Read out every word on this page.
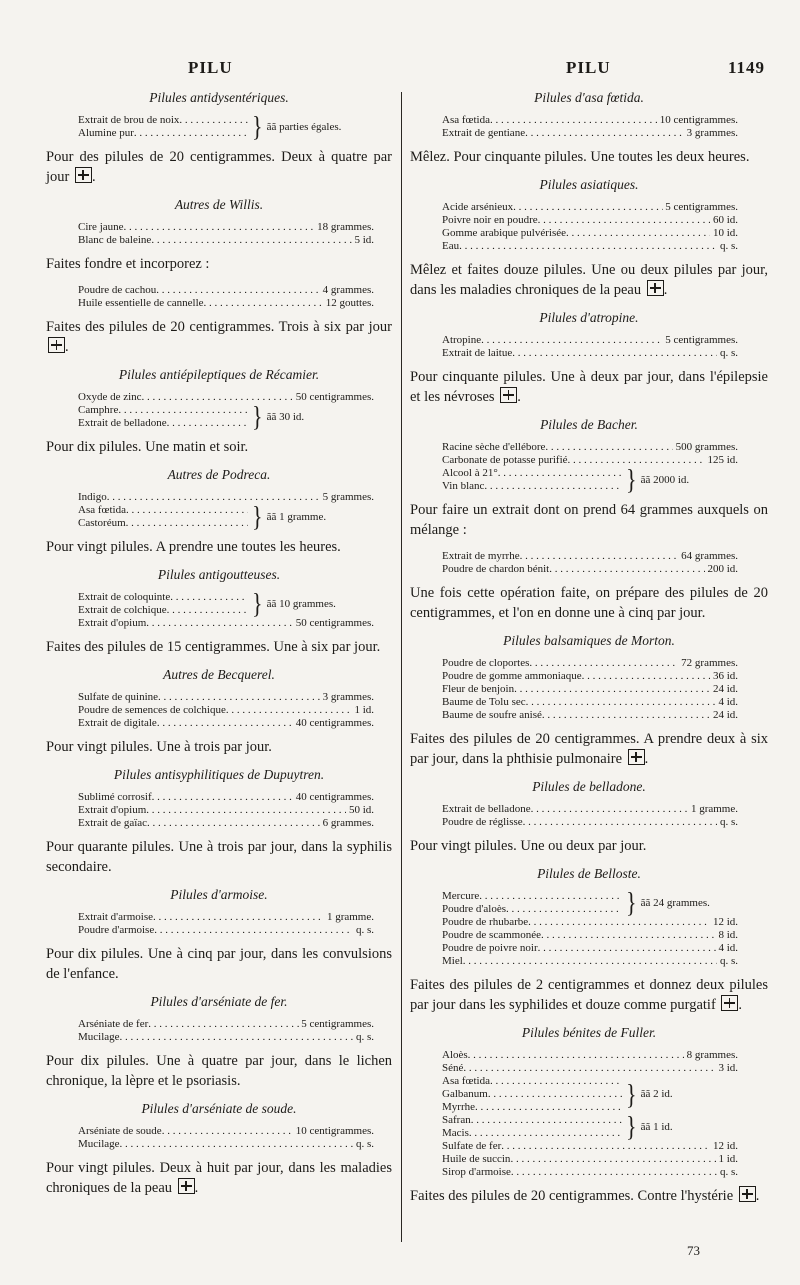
PILU	PILU	1149
Pilules antidysentériques.
Extrait de brou de noix
. . .
Alumine pur . . .	} ãã parties égales.
Pour des pilules de 20 centigrammes. Deux à quatre par jour .
Autres de Willis.
Cire jaune . . .	18 grammes.
Blanc de baleine . . .	5 id.
Faites fondre et incorporez :
Poudre de cachou . . .	4 grammes.
Huile essentielle de cannelle . . .	12 gouttes.
Faites des pilules de 20 centigrammes. Trois à six par jour .
Pilules antiépileptiques de Récamier.
Oxyde de zinc . . .	50 centigrammes.
Camphre
. . .
Extrait de belladone . . .	} ãã 30 id.
Pour dix pilules. Une matin et soir.
Autres de Podreca.
Indigo . . .	5 grammes.
Asa fœtida
. . .
Castoréum . . .	} ãã 1 gramme.
Pour vingt pilules. A prendre une toutes les heures.
Pilules antigoutteuses.
Extrait de coloquinte
. . .
Extrait de colchique . . .	} ãã 10 grammes.
Extrait d'opium . . .	50 centigrammes.
Faites des pilules de 15 centigrammes. Une à six par jour.
Autres de Becquerel.
Sulfate de quinine . . .	3 grammes.
Poudre de semences de colchique . . .	1 id.
Extrait de digitale . . .	40 centigrammes.
Pour vingt pilules. Une à trois par jour.
Pilules antisyphilitiques de Dupuytren.
Sublimé corrosif . . .	40 centigrammes.
Extrait d'opium . . .	50 id.
Extrait de gaïac . . .	6 grammes.
Pour quarante pilules. Une à trois par jour, dans la syphilis secondaire.
Pilules d'armoise.
Extrait d'armoise . . .	1 gramme.
Poudre d'armoise . . .	q. s.
Pour dix pilules. Une à cinq par jour, dans les convulsions de l'enfance.
Pilules d'arséniate de fer.
Arséniate de fer . . .	5 centigrammes.
Mucilage . . .	q. s.
Pour dix pilules. Une à quatre par jour, dans le lichen chronique, la lèpre et le psoriasis.
Pilules d'arséniate de soude.
Arséniate de soude . . .	10 centigrammes.
Mucilage . . .	q. s.
Pour vingt pilules. Deux à huit par jour, dans les maladies chroniques de la peau .
Pilules d'asa fœtida.
Asa fœtida . . .	10 centigrammes.
Extrait de gentiane . . .	3 grammes.
Mêlez. Pour cinquante pilules. Une toutes les deux heures.
Pilules asiatiques.
Acide arsénieux . . .	5 centigrammes.
Poivre noir en poudre . . .	60 id.
Gomme arabique pulvérisée . . .	10 id.
Eau . . .	q. s.
Mêlez et faites douze pilules. Une ou deux pilules par jour, dans les maladies chroniques de la peau .
Pilules d'atropine.
Atropine . . .	5 centigrammes.
Extrait de laitue . . .	q. s.
Pour cinquante pilules. Une à deux par jour, dans l'épilepsie et les névroses .
Pilules de Bacher.
Racine sèche d'ellébore . . .	500 grammes.
Carbonate de potasse purifié . . .	125 id.
Alcool à 21°
. . .
Vin blanc . . .	} ãã 2000 id.
Pour faire un extrait dont on prend 64 grammes auxquels on mélange :
Extrait de myrrhe . . .	64 grammes.
Poudre de chardon bénit . . .	200 id.
Une fois cette opération faite, on prépare des pilules de 20 centigrammes, et l'on en donne une à cinq par jour.
Pilules balsamiques de Morton.
Poudre de cloportes . . .	72 grammes.
Poudre de gomme ammoniaque . . .	36 id.
Fleur de benjoin . . .	24 id.
Baume de Tolu sec . . .	4 id.
Baume de soufre anisé . . .	24 id.
Faites des pilules de 20 centigrammes. A prendre deux à six par jour, dans la phthisie pulmonaire .
Pilules de belladone.
Extrait de belladone . . .	1 gramme.
Poudre de réglisse . . .	q. s.
Pour vingt pilules. Une ou deux par jour.
Pilules de Belloste.
Mercure
. . .
Poudre d'aloès . . .	} ãã 24 grammes.
Poudre de rhubarbe . . .	12 id.
Poudre de scammonée . . .	8 id.
Poudre de poivre noir . . .	4 id.
Miel . . .	q. s.
Faites des pilules de 2 centigrammes et donnez deux pilules par jour dans les syphilides et douze comme purgatif .
Pilules bénites de Fuller.
Aloès . . .	8 grammes.
Séné . . .	3 id.
Asa fœtida
. . .
Galbanum
. . .
Myrrhe . . .	} ãã 2 id.
Safran
. . .
Macis . . .	} ãã 1 id.
Sulfate de fer . . .	12 id.
Huile de succin . . .	1 id.
Sirop d'armoise . . .	q. s.
Faites des pilules de 20 centigrammes. Contre l'hystérie .
73
